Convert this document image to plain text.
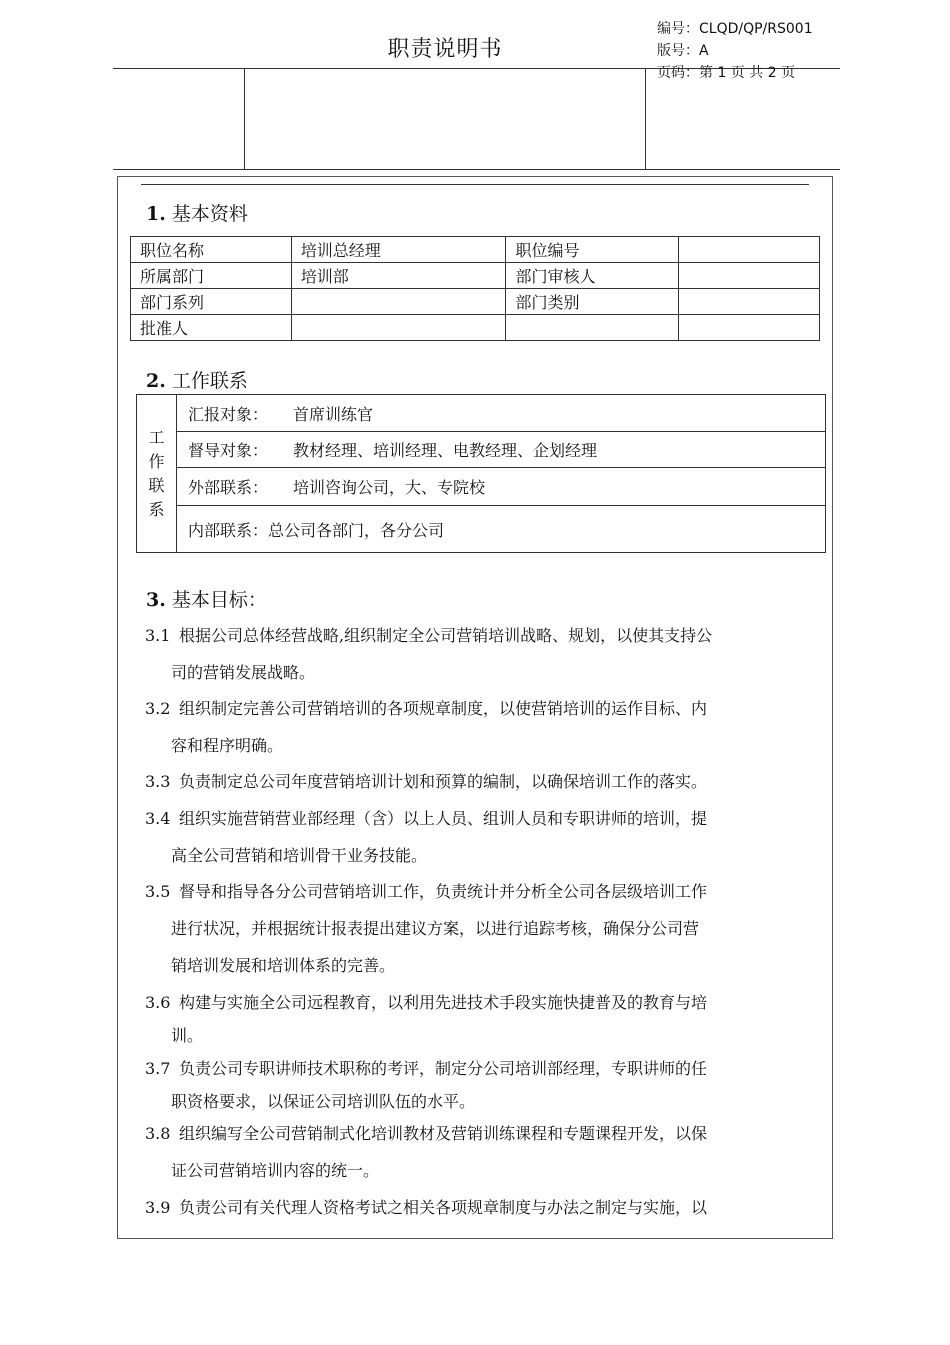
职责说明书
编号：CLQD/QP/RS001
版号：A
页码：第 1 页 共 2 页
1. 基本资料
职位名称	培训总经理	职位编号	
所属部门	培训部	部门审核人	
部门系列		部门类别	
批准人			
2. 工作联系
工
作
联
系
	汇报对象： 首席训练官
督导对象： 教材经理、培训经理、电教经理、企划经理
外部联系： 培训咨询公司，大、专院校
内部联系：总公司各部门，各分公司
3. 基本目标：
3.1 根据公司总体经营战略,组织制定全公司营销培训战略、规划，以使其支持公
司的营销发展战略。
3.2 组织制定完善公司营销培训的各项规章制度，以使营销培训的运作目标、内
容和程序明确。
3.3 负责制定总公司年度营销培训计划和预算的编制，以确保培训工作的落实。
3.4 组织实施营销营业部经理（含）以上人员、组训人员和专职讲师的培训，提
高全公司营销和培训骨干业务技能。
3.5 督导和指导各分公司营销培训工作，负责统计并分析全公司各层级培训工作
进行状况，并根据统计报表提出建议方案，以进行追踪考核，确保分公司营
销培训发展和培训体系的完善。
3.6 构建与实施全公司远程教育，以利用先进技术手段实施快捷普及的教育与培
训。
3.7 负责公司专职讲师技术职称的考评，制定分公司培训部经理，专职讲师的任
职资格要求，以保证公司培训队伍的水平。
3.8 组织编写全公司营销制式化培训教材及营销训练课程和专题课程开发，以保
证公司营销培训内容的统一。
3.9 负责公司有关代理人资格考试之相关各项规章制度与办法之制定与实施，以
